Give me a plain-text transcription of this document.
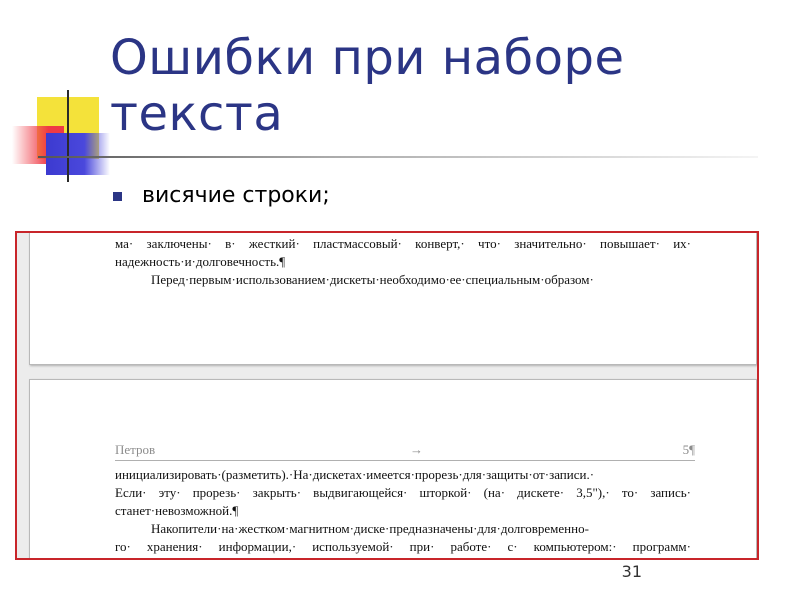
Ошибки при наборе
текста
висячие строки;
ма· заключены· в· жесткий· пластмассовый· конверт,· что· значительно· повышает· их·
надежность·и·долговечность.¶
Перед·первым·использованием·дискеты·необходимо·ее·специальным·образом·
Петров	→	5¶
инициализировать·(разметить).·На·дискетах·имеется·прорезь·для·защиты·от·записи.·
Если· эту· прорезь· закрыть· выдвигающейся· шторкой· (на· дискете· 3,5"),· то· запись·
станет·невозможной.¶
Накопители·на·жестком·магнитном·диске·предназначены·для·долговременно-
го· хранения· информации,· используемой· при· работе· с· компьютером:· программ·
31
